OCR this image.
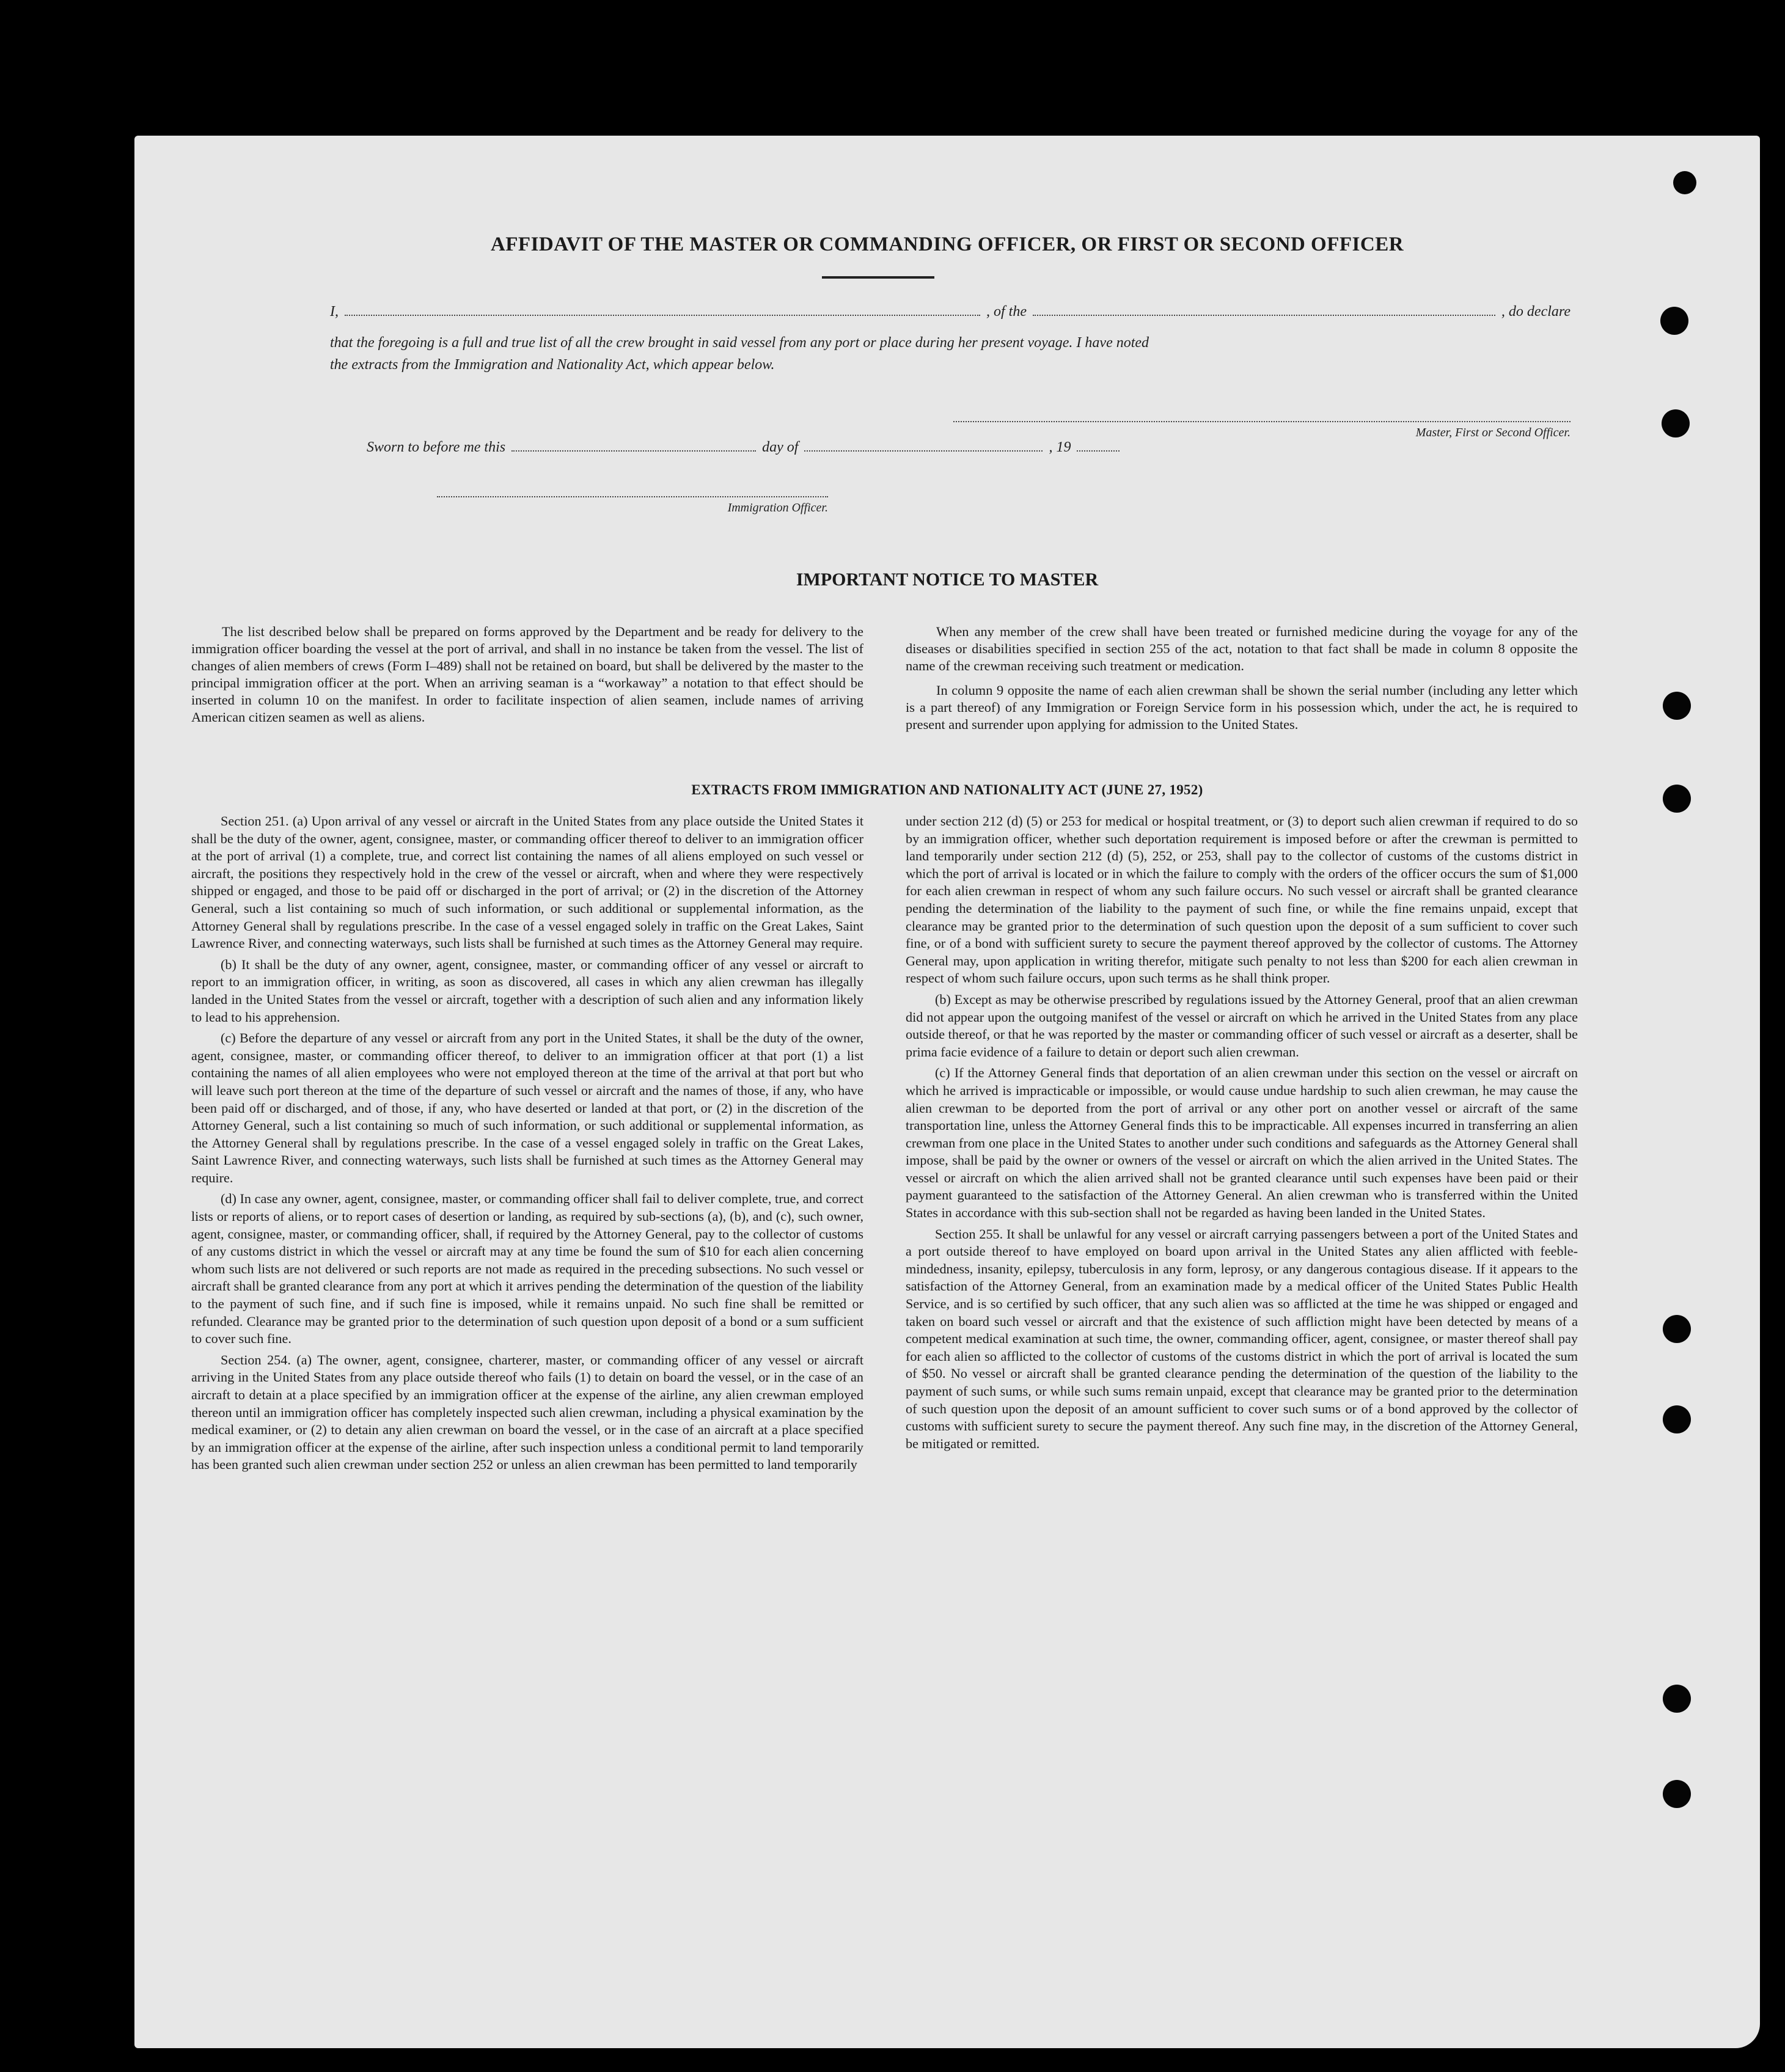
AFFIDAVIT OF THE MASTER OR COMMANDING OFFICER, OR FIRST OR SECOND OFFICER
I,	, of the	, do declare
that the foregoing is a full and true list of all the crew brought in said vessel from any port or place during her present voyage. I have noted
the extracts from the Immigration and Nationality Act, which appear below.
Master, First or Second Officer.
Sworn to before me this	day of	, 19
Immigration Officer.
IMPORTANT NOTICE TO MASTER

The list described below shall be prepared on forms approved by the Department and be ready for delivery to the immigration officer boarding the vessel at the port of arrival, and shall in no instance be taken from the vessel. The list of changes of alien members of crews (Form I–489) shall not be retained on board, but shall be delivered by the master to the principal immigration officer at the port. When an arriving seaman is a “workaway” a notation to that effect should be inserted in column 10 on the manifest. In order to facilitate inspection of alien seamen, include names of arriving American citizen seamen as well as aliens.

When any member of the crew shall have been treated or furnished medicine during the voyage for any of the diseases or disabilities specified in section 255 of the act, notation to that fact shall be made in column 8 opposite the name of the crewman receiving such treatment or medication.

In column 9 opposite the name of each alien crewman shall be shown the serial number (including any letter which is a part thereof) of any Immigration or Foreign Service form in his possession which, under the act, he is required to present and surrender upon applying for admission to the United States.

EXTRACTS FROM IMMIGRATION AND NATIONALITY ACT (JUNE 27, 1952)

Section 251. (a) Upon arrival of any vessel or aircraft in the United States from any place outside the United States it shall be the duty of the owner, agent, consignee, master, or commanding officer thereof to deliver to an immigration officer at the port of arrival (1) a complete, true, and correct list containing the names of all aliens employed on such vessel or aircraft, the positions they respectively hold in the crew of the vessel or aircraft, when and where they were respectively shipped or engaged, and those to be paid off or discharged in the port of arrival; or (2) in the discretion of the Attorney General, such a list containing so much of such information, or such additional or supplemental information, as the Attorney General shall by regulations prescribe. In the case of a vessel engaged solely in traffic on the Great Lakes, Saint Lawrence River, and connecting waterways, such lists shall be furnished at such times as the Attorney General may require.

(b) It shall be the duty of any owner, agent, consignee, master, or commanding officer of any vessel or aircraft to report to an immigration officer, in writing, as soon as discovered, all cases in which any alien crewman has illegally landed in the United States from the vessel or aircraft, together with a description of such alien and any information likely to lead to his apprehension.

(c) Before the departure of any vessel or aircraft from any port in the United States, it shall be the duty of the owner, agent, consignee, master, or commanding officer thereof, to deliver to an immigration officer at that port (1) a list containing the names of all alien employees who were not employed thereon at the time of the arrival at that port but who will leave such port thereon at the time of the departure of such vessel or aircraft and the names of those, if any, who have been paid off or discharged, and of those, if any, who have deserted or landed at that port, or (2) in the discretion of the Attorney General, such a list containing so much of such information, or such additional or supplemental information, as the Attorney General shall by regulations prescribe. In the case of a vessel engaged solely in traffic on the Great Lakes, Saint Lawrence River, and connecting waterways, such lists shall be furnished at such times as the Attorney General may require.

(d) In case any owner, agent, consignee, master, or commanding officer shall fail to deliver complete, true, and correct lists or reports of aliens, or to report cases of desertion or landing, as required by sub-sections (a), (b), and (c), such owner, agent, consignee, master, or commanding officer, shall, if required by the Attorney General, pay to the collector of customs of any customs district in which the vessel or aircraft may at any time be found the sum of $10 for each alien concerning whom such lists are not delivered or such reports are not made as required in the preceding subsections. No such vessel or aircraft shall be granted clearance from any port at which it arrives pending the determination of the question of the liability to the payment of such fine, and if such fine is imposed, while it remains unpaid. No such fine shall be remitted or refunded. Clearance may be granted prior to the determination of such question upon deposit of a bond or a sum sufficient to cover such fine.

Section 254. (a) The owner, agent, consignee, charterer, master, or commanding officer of any vessel or aircraft arriving in the United States from any place outside thereof who fails (1) to detain on board the vessel, or in the case of an aircraft to detain at a place specified by an immigration officer at the expense of the airline, any alien crewman employed thereon until an immigration officer has completely inspected such alien crewman, including a physical examination by the medical examiner, or (2) to detain any alien crewman on board the vessel, or in the case of an aircraft at a place specified by an immigration officer at the expense of the airline, after such inspection unless a conditional permit to land temporarily has been granted such alien crewman under section 252 or unless an alien crewman has been permitted to land temporarily

under section 212 (d) (5) or 253 for medical or hospital treatment, or (3) to deport such alien crewman if required to do so by an immigration officer, whether such deportation requirement is imposed before or after the crewman is permitted to land temporarily under section 212 (d) (5), 252, or 253, shall pay to the collector of customs of the customs district in which the port of arrival is located or in which the failure to comply with the orders of the officer occurs the sum of $1,000 for each alien crewman in respect of whom any such failure occurs. No such vessel or aircraft shall be granted clearance pending the determination of the liability to the payment of such fine, or while the fine remains unpaid, except that clearance may be granted prior to the determination of such question upon the deposit of a sum sufficient to cover such fine, or of a bond with sufficient surety to secure the payment thereof approved by the collector of customs. The Attorney General may, upon application in writing therefor, mitigate such penalty to not less than $200 for each alien crewman in respect of whom such failure occurs, upon such terms as he shall think proper.

(b) Except as may be otherwise prescribed by regulations issued by the Attorney General, proof that an alien crewman did not appear upon the outgoing manifest of the vessel or aircraft on which he arrived in the United States from any place outside thereof, or that he was reported by the master or commanding officer of such vessel or aircraft as a deserter, shall be prima facie evidence of a failure to detain or deport such alien crewman.

(c) If the Attorney General finds that deportation of an alien crewman under this section on the vessel or aircraft on which he arrived is impracticable or impossible, or would cause undue hardship to such alien crewman, he may cause the alien crewman to be deported from the port of arrival or any other port on another vessel or aircraft of the same transportation line, unless the Attorney General finds this to be impracticable. All expenses incurred in transferring an alien crewman from one place in the United States to another under such conditions and safeguards as the Attorney General shall impose, shall be paid by the owner or owners of the vessel or aircraft on which the alien arrived in the United States. The vessel or aircraft on which the alien arrived shall not be granted clearance until such expenses have been paid or their payment guaranteed to the satisfaction of the Attorney General. An alien crewman who is transferred within the United States in accordance with this sub-section shall not be regarded as having been landed in the United States.

Section 255. It shall be unlawful for any vessel or aircraft carrying passengers between a port of the United States and a port outside thereof to have employed on board upon arrival in the United States any alien afflicted with feeble-mindedness, insanity, epilepsy, tuberculosis in any form, leprosy, or any dangerous contagious disease. If it appears to the satisfaction of the Attorney General, from an examination made by a medical officer of the United States Public Health Service, and is so certified by such officer, that any such alien was so afflicted at the time he was shipped or engaged and taken on board such vessel or aircraft and that the existence of such affliction might have been detected by means of a competent medical examination at such time, the owner, commanding officer, agent, consignee, or master thereof shall pay for each alien so afflicted to the collector of customs of the customs district in which the port of arrival is located the sum of $50. No vessel or aircraft shall be granted clearance pending the determination of the question of the liability to the payment of such sums, or while such sums remain unpaid, except that clearance may be granted prior to the determination of such question upon the deposit of an amount sufficient to cover such sums or of a bond approved by the collector of customs with sufficient surety to secure the payment thereof. Any such fine may, in the discretion of the Attorney General, be mitigated or remitted.
